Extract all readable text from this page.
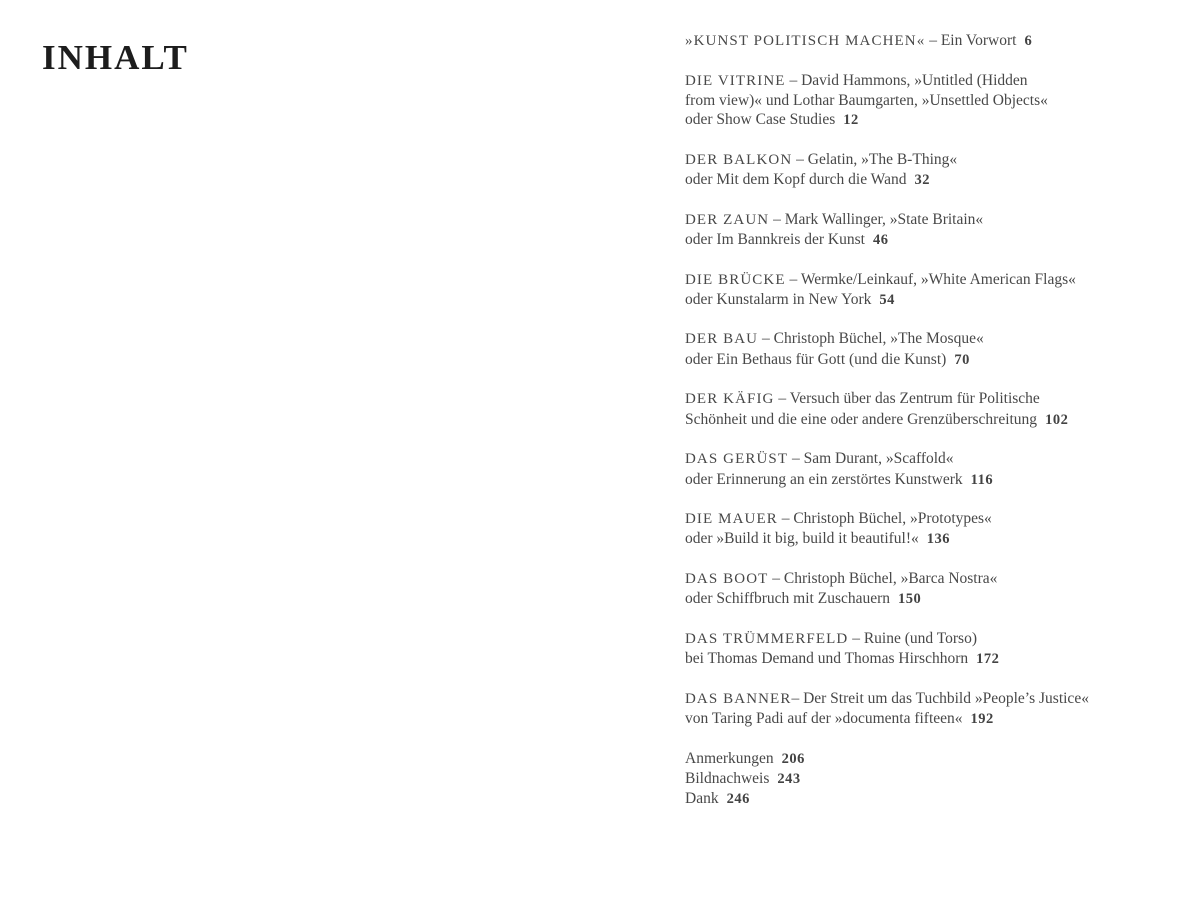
INHALT	»KUNST POLITISCH MACHEN« – Ein Vorwort 6
DIE VITRINE – David Hammons, »Untitled (Hidden
from view)« und Lothar Baumgarten, »Unsettled Objects«
oder Show Case Studies 12
DER BALKON – Gelatin, »The B-Thing«
oder Mit dem Kopf durch die Wand 32
DER ZAUN – Mark Wallinger, »State Britain«
oder Im Bannkreis der Kunst 46
DIE BRÜCKE – Wermke/Leinkauf, »White American Flags«
oder Kunstalarm in New York 54
DER BAU – Christoph Büchel, »The Mosque«
oder Ein Bethaus für Gott (und die Kunst) 70
DER KÄFIG – Versuch über das Zentrum für Politische
Schönheit und die eine oder andere Grenzüberschreitung 102
DAS GERÜST – Sam Durant, »Scaffold«
oder Erinnerung an ein zerstörtes Kunstwerk 116
DIE MAUER – Christoph Büchel, »Prototypes«
oder »Build it big, build it beautiful!« 136
DAS BOOT – Christoph Büchel, »Barca Nostra«
oder Schiffbruch mit Zuschauern 150
DAS TRÜMMERFELD – Ruine (und Torso)
bei Thomas Demand und Thomas Hirschhorn 172
DAS BANNER– Der Streit um das Tuchbild »People’s Justice«
von Taring Padi auf der »documenta fifteen« 192
Anmerkungen 206
Bildnachweis 243
Dank 246
